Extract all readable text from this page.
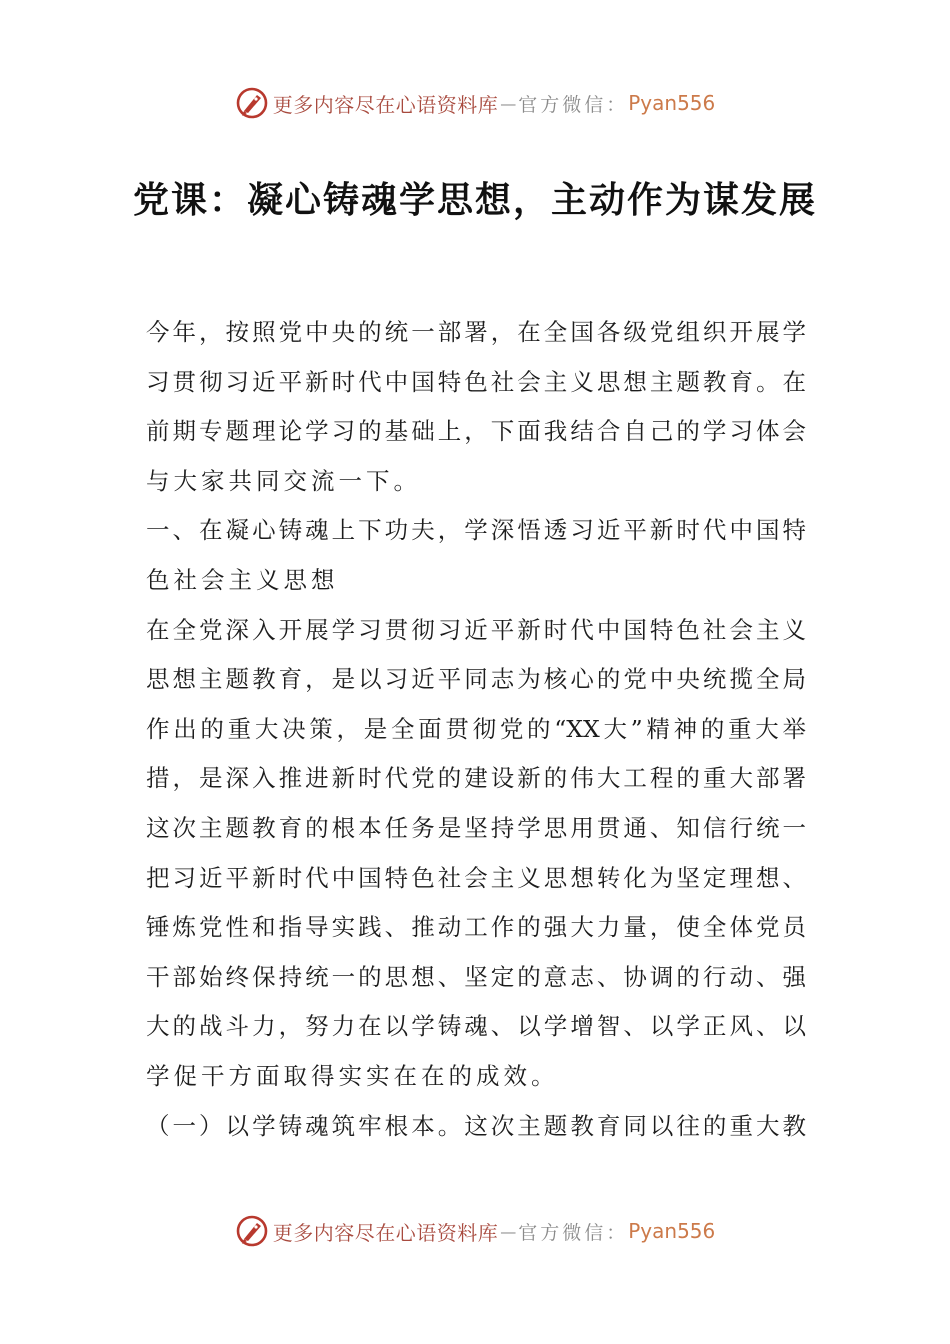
更多内容尽在心语资料库 — 官方微信： Pyan556
党课：凝心铸魂学思想，主动作为谋发展
今年，按照党中央的统一部署，在全国各级党组织开展学
习贯彻习近平新时代中国特色社会主义思想主题教育。在
前期专题理论学习的基础上，下面我结合自己的学习体会
与大家共同交流一下。
一、在凝心铸魂上下功夫，学深悟透习近平新时代中国特
色社会主义思想
在全党深入开展学习贯彻习近平新时代中国特色社会主义
思想主题教育，是以习近平同志为核心的党中央统揽全局
作出的重大决策，是全面贯彻党的“XX大”精神的重大举
措，是深入推进新时代党的建设新的伟大工程的重大部署
这次主题教育的根本任务是坚持学思用贯通、知信行统一
把习近平新时代中国特色社会主义思想转化为坚定理想、
锤炼党性和指导实践、推动工作的强大力量，使全体党员
干部始终保持统一的思想、坚定的意志、协调的行动、强
大的战斗力，努力在以学铸魂、以学增智、以学正风、以
学促干方面取得实实在在的成效。
（一）以学铸魂筑牢根本。这次主题教育同以往的重大教
更多内容尽在心语资料库 — 官方微信： Pyan556
